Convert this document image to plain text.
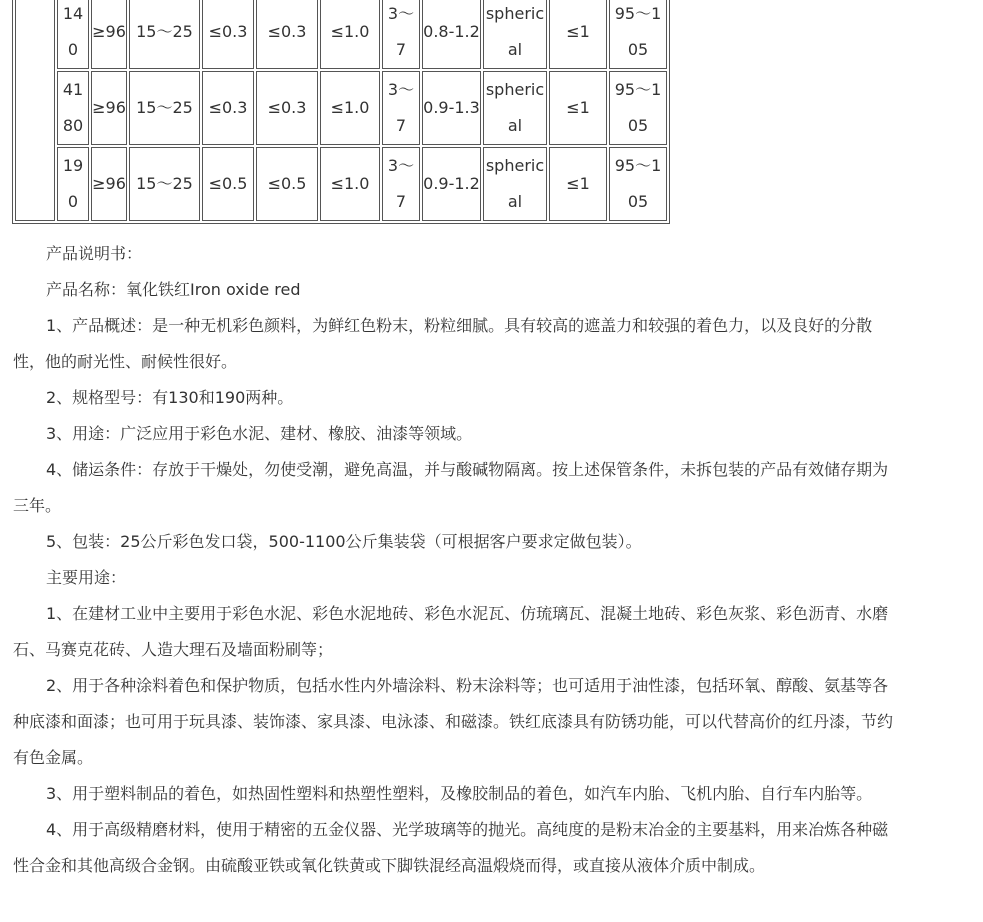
	140	≥96	15～25	≤0.3	≤0.3	≤1.0	3～7	0.8-1.2	spherical	≤1	95～105
	4180	≥96	15～25	≤0.3	≤0.3	≤1.0	3～7	0.9-1.3	spherical	≤1	95～105
	190	≥96	15～25	≤0.5	≤0.5	≤1.0	3～7	0.9-1.2	spherical	≤1	95～105

产品说明书：

产品名称：氧化铁红Iron oxide red

1、产品概述：是一种无机彩色颜料，为鲜红色粉末，粉粒细腻。具有较高的遮盖力和较强的着色力，以及良好的分散性，他的耐光性、耐候性很好。

2、规格型号：有130和190两种。

3、用途：广泛应用于彩色水泥、建材、橡胶、油漆等领域。

4、储运条件：存放于干燥处，勿使受潮，避免高温，并与酸碱物隔离。按上述保管条件，未拆包装的产品有效储存期为三年。

5、包装：25公斤彩色发口袋，500-1100公斤集装袋（可根据客户要求定做包装）。

主要用途：

1、在建材工业中主要用于彩色水泥、彩色水泥地砖、彩色水泥瓦、仿琉璃瓦、混凝土地砖、彩色灰浆、彩色沥青、水磨石、马赛克花砖、人造大理石及墙面粉刷等；

2、用于各种涂料着色和保护物质，包括水性内外墙涂料、粉末涂料等；也可适用于油性漆，包括环氧、醇酸、氨基等各种底漆和面漆；也可用于玩具漆、装饰漆、家具漆、电泳漆、和磁漆。铁红底漆具有防锈功能，可以代替高价的红丹漆，节约有色金属。

3、用于塑料制品的着色，如热固性塑料和热塑性塑料，及橡胶制品的着色，如汽车内胎、飞机内胎、自行车内胎等。

4、用于高级精磨材料，使用于精密的五金仪器、光学玻璃等的抛光。高纯度的是粉末冶金的主要基料，用来冶炼各种磁性合金和其他高级合金钢。由硫酸亚铁或氧化铁黄或下脚铁混经高温煅烧而得，或直接从液体介质中制成。
